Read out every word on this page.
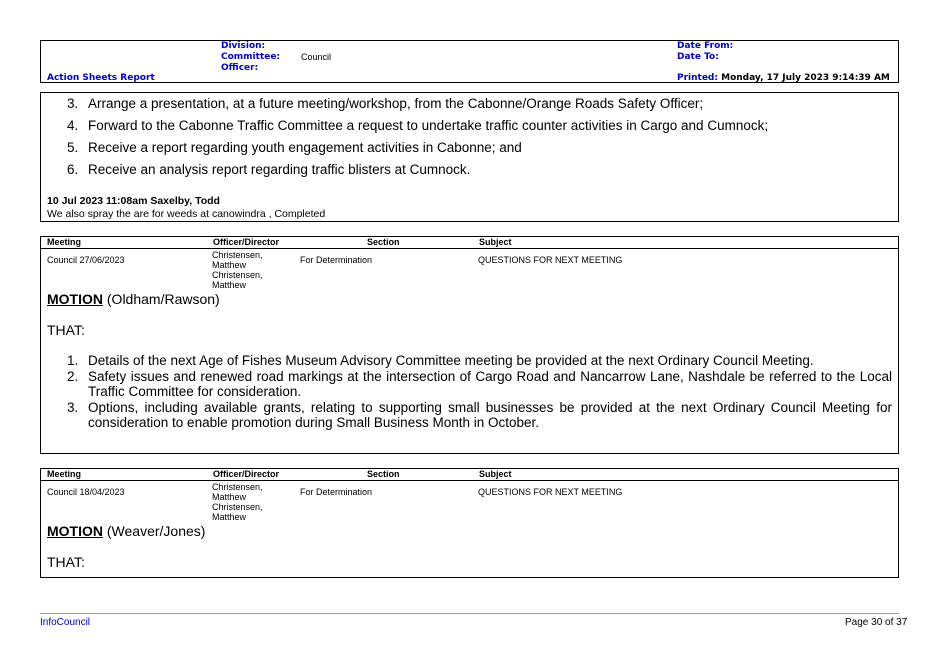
Division:
Committee: Council
Officer:
Action Sheets Report
Date From:
Date To:
Printed: Monday, 17 July 2023 9:14:39 AM
3. Arrange a presentation, at a future meeting/workshop, from the Cabonne/Orange Roads Safety Officer;
4. Forward to the Cabonne Traffic Committee a request to undertake traffic counter activities in Cargo and Cumnock;
5. Receive a report regarding youth engagement activities in Cabonne; and
6. Receive an analysis report regarding traffic blisters at Cumnock.
10 Jul 2023 11:08am Saxelby, Todd
We also spray the are for weeds at canowindra , Completed
Meeting	Officer/Director	Section	Subject
Council 27/06/2023	Christensen,
Matthew
Christensen,
Matthew
For Determination	QUESTIONS FOR NEXT MEETING
MOTION (Oldham/Rawson)
THAT:
1. Details of the next Age of Fishes Museum Advisory Committee meeting be provided at the next Ordinary Council Meeting.
2. Safety issues and renewed road markings at the intersection of Cargo Road and Nancarrow Lane, Nashdale be referred to the Local Traffic Committee for consideration.
3. Options, including available grants, relating to supporting small businesses be provided at the next Ordinary Council Meeting for consideration to enable promotion during Small Business Month in October.
Meeting	Officer/Director	Section	Subject
Council 18/04/2023	Christensen,
Matthew
Christensen,
Matthew
For Determination	QUESTIONS FOR NEXT MEETING
MOTION (Weaver/Jones)
THAT:
InfoCouncil	Page 30 of 37
